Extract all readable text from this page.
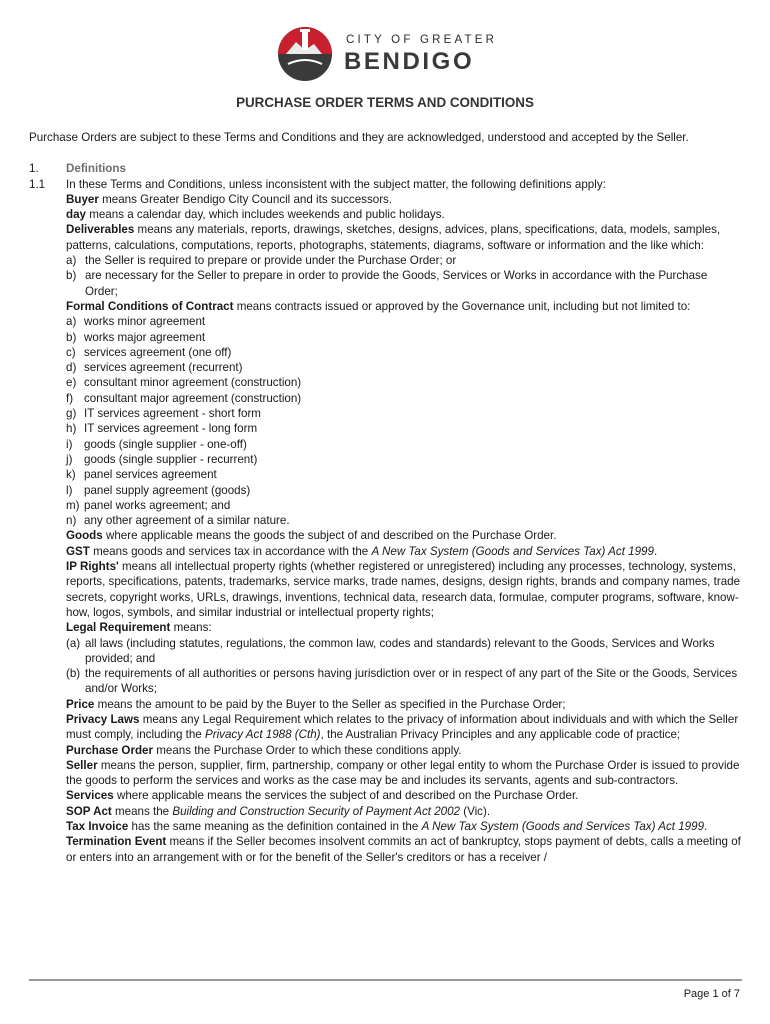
CITY OF GREATER
BENDIGO
PURCHASE ORDER TERMS AND CONDITIONS

Purchase Orders are subject to these Terms and Conditions and they are acknowledged, understood and accepted by the Seller.

1.	Definitions
1.1	In these Terms and Conditions, unless inconsistent with the subject matter, the following definitions apply:

Buyer means Greater Bendigo City Council and its successors.

day means a calendar day, which includes weekends and public holidays.

Deliverables means any materials, reports, drawings, sketches, designs, advices, plans, specifications, data, models, samples, patterns, calculations, computations, reports, photographs, statements, diagrams, software or information and the like which:

a) the Seller is required to prepare or provide under the Purchase Order; or
b) are necessary for the Seller to prepare in order to provide the Goods, Services or Works in accordance with the Purchase Order;

Formal Conditions of Contract means contracts issued or approved by the Governance unit, including but not limited to:

a) works minor agreement
b) works major agreement
c) services agreement (one off)
d) services agreement (recurrent)
e) consultant minor agreement (construction)
f) consultant major agreement (construction)
g) IT services agreement - short form
h) IT services agreement - long form
i) goods (single supplier - one-off)
j) goods (single supplier - recurrent)
k) panel services agreement
l) panel supply agreement (goods)
m) panel works agreement; and
n) any other agreement of a similar nature.

Goods where applicable means the goods the subject of and described on the Purchase Order.

GST means goods and services tax in accordance with the A New Tax System (Goods and Services Tax) Act 1999.

IP Rights' means all intellectual property rights (whether registered or unregistered) including any processes, technology, systems, reports, specifications, patents, trademarks, service marks, trade names, designs, design rights, brands and company names, trade secrets, copyright works, URLs, drawings, inventions, technical data, research data, formulae, computer programs, software, know-how, logos, symbols, and similar industrial or intellectual property rights;

Legal Requirement means:

(a) all laws (including statutes, regulations, the common law, codes and standards) relevant to the Goods, Services and Works provided; and
(b) the requirements of all authorities or persons having jurisdiction over or in respect of any part of the Site or the Goods, Services and/or Works;

Price means the amount to be paid by the Buyer to the Seller as specified in the Purchase Order;

Privacy Laws means any Legal Requirement which relates to the privacy of information about individuals and with which the Seller must comply, including the Privacy Act 1988 (Cth), the Australian Privacy Principles and any applicable code of practice;

Purchase Order means the Purchase Order to which these conditions apply.

Seller means the person, supplier, firm, partnership, company or other legal entity to whom the Purchase Order is issued to provide the goods to perform the services and works as the case may be and includes its servants, agents and sub-contractors.

Services where applicable means the services the subject of and described on the Purchase Order.

SOP Act means the Building and Construction Security of Payment Act 2002 (Vic).

Tax Invoice has the same meaning as the definition contained in the A New Tax System (Goods and Services Tax) Act 1999.

Termination Event means if the Seller becomes insolvent commits an act of bankruptcy, stops payment of debts, calls a meeting of or enters into an arrangement with or for the benefit of the Seller's creditors or has a receiver /

Page 1 of 7
